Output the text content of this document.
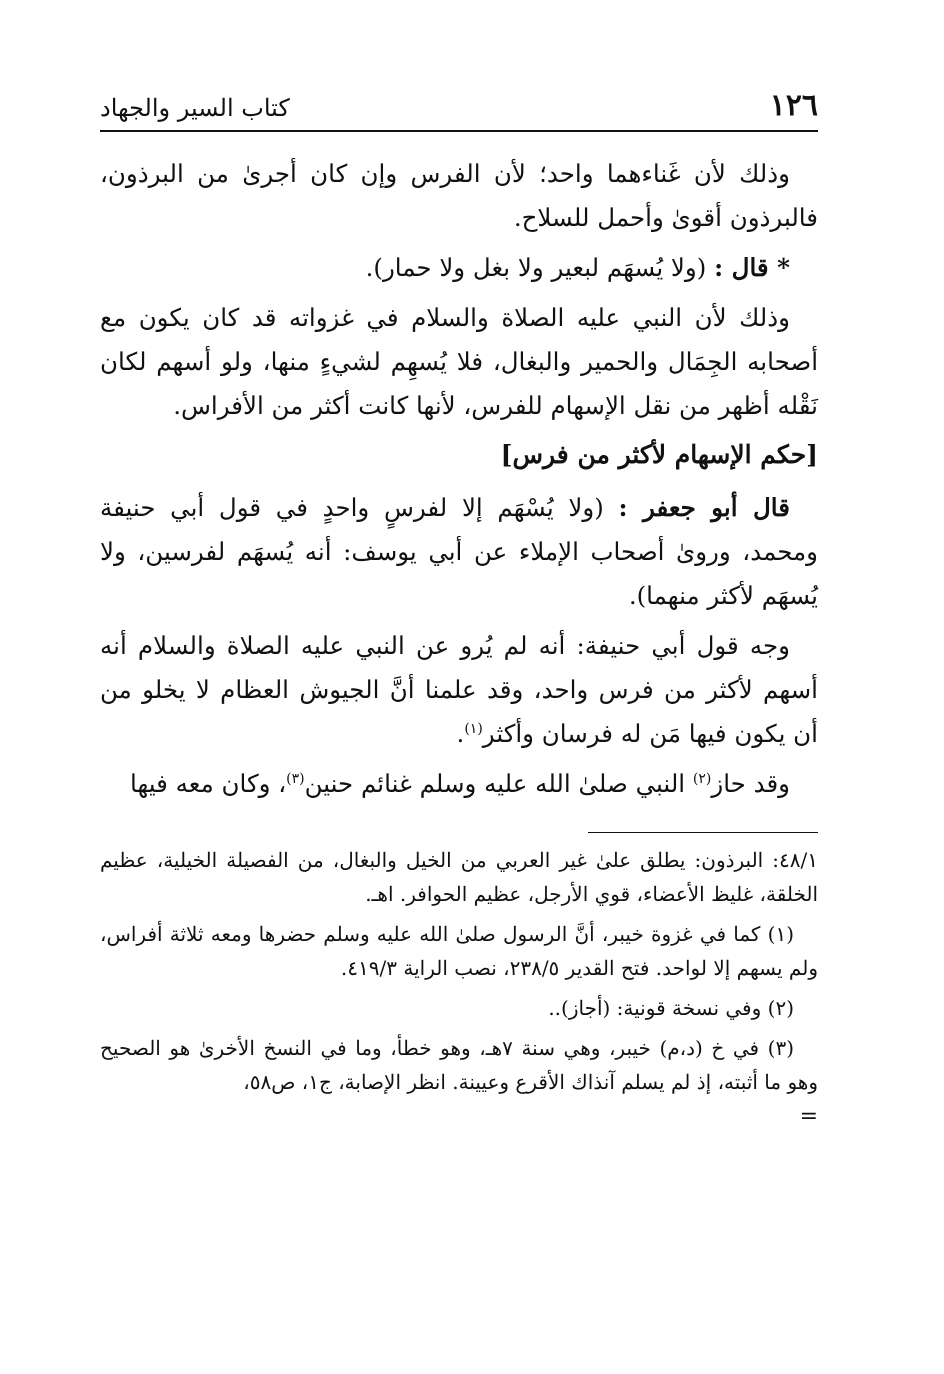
١٢٦
كتاب السير والجهاد

وذلك لأن غَناءهما واحد؛ لأن الفرس وإن كان أجرىٰ من البرذون، فالبرذون أقوىٰ وأحمل للسلاح.

* قال : (ولا يُسهَم لبعير ولا بغل ولا حمار).

وذلك لأن النبي عليه الصلاة والسلام في غزواته قد كان يكون مع أصحابه الجِمَال والحمير والبغال، فلا يُسهِم لشيءٍ منها، ولو أسهم لكان نَقْله أظهر من نقل الإسهام للفرس، لأنها كانت أكثر من الأفراس.

[حكم الإسهام لأكثر من فرس]

قال أبو جعفر : (ولا يُسْهَم إلا لفرسٍ واحدٍ في قول أبي حنيفة ومحمد، وروىٰ أصحاب الإملاء عن أبي يوسف: أنه يُسهَم لفرسين، ولا يُسهَم لأكثر منهما).

وجه قول أبي حنيفة: أنه لم يُرو عن النبي عليه الصلاة والسلام أنه أسهم لأكثر من فرس واحد، وقد علمنا أنَّ الجيوش العظام لا يخلو من أن يكون فيها مَن له فرسان وأكثر$^{(١)}$.

وقد حاز$^{(٢)}$ النبي صلىٰ الله عليه وسلم غنائم حنين$^{(٣)}$، وكان معه فيها

٤٨/١: البرذون: يطلق علىٰ غير العربي من الخيل والبغال، من الفصيلة الخيلية، عظيم الخلقة، غليظ الأعضاء، قوي الأرجل، عظيم الحوافر. اهـ.

(١) كما في غزوة خيبر، أنَّ الرسول صلىٰ الله عليه وسلم حضرها ومعه ثلاثة أفراس، ولم يسهم إلا لواحد. فتح القدير ٢٣٨/٥، نصب الراية ٤١٩/٣.

(٢) وفي نسخة قونية: (أجاز)..

(٣) في خ (د،م) خيبر، وهي سنة ٧هـ، وهو خطأ، وما في النسخ الأخرىٰ هو الصحيح وهو ما أثبته، إذ لم يسلم آنذاك الأقرع وعيينة. انظر الإصابة، ج١، ص٥٨،

=
